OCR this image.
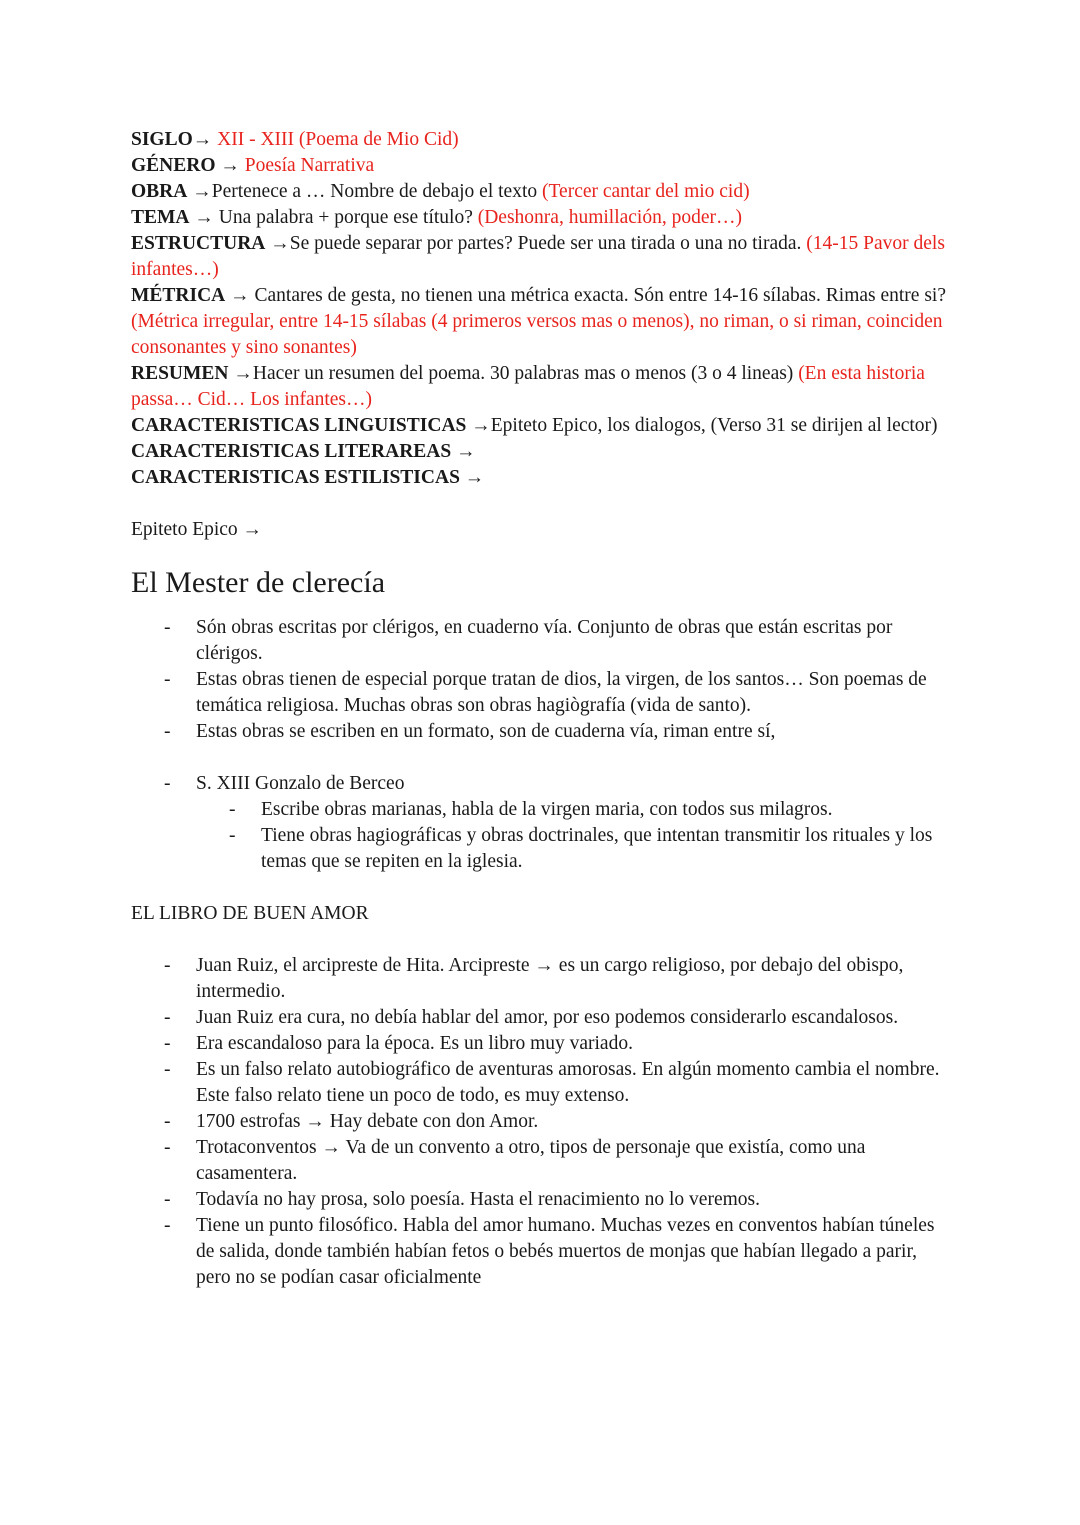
SIGLO→ XII - XIII (Poema de Mio Cid)

GÉNERO → Poesía Narrativa

OBRA →Pertenece a … Nombre de debajo el texto (Tercer cantar del mio cid)

TEMA → Una palabra + porque ese título? (Deshonra, humillación, poder…)

ESTRUCTURA →Se puede separar por partes? Puede ser una tirada o una no tirada. (14-15 Pavor dels infantes…)

MÉTRICA → Cantares de gesta, no tienen una métrica exacta. Són entre 14-16 sílabas. Rimas entre si? (Métrica irregular, entre 14-15 sílabas (4 primeros versos mas o menos), no riman, o si riman, coinciden consonantes y sino sonantes)

RESUMEN →Hacer un resumen del poema. 30 palabras mas o menos (3 o 4 lineas) (En esta historia passa… Cid… Los infantes…)

CARACTERISTICAS LINGUISTICAS →Epiteto Epico, los dialogos, (Verso 31 se dirijen al lector)

CARACTERISTICAS LITERAREAS →

CARACTERISTICAS ESTILISTICAS →

Epiteto Epico →

El Mester de clerecía
- Són obras escritas por clérigos, en cuaderno vía. Conjunto de obras que están escritas por clérigos.
- Estas obras tienen de especial porque tratan de dios, la virgen, de los santos… Son poemas de temática religiosa. Muchas obras son obras hagiògrafía (vida de santo).
- Estas obras se escriben en un formato, son de cuaderna vía, riman entre sí,
- S. XIII Gonzalo de Berceo
- Escribe obras marianas, habla de la virgen maria, con todos sus milagros.
- Tiene obras hagiográficas y obras doctrinales, que intentan transmitir los rituales y los temas que se repiten en la iglesia.

EL LIBRO DE BUEN AMOR

- Juan Ruiz, el arcipreste de Hita. Arcipreste → es un cargo religioso, por debajo del obispo, intermedio.
- Juan Ruiz era cura, no debía hablar del amor, por eso podemos considerarlo escandalosos.
- Era escandaloso para la época. Es un libro muy variado.
- Es un falso relato autobiográfico de aventuras amorosas. En algún momento cambia el nombre. Este falso relato tiene un poco de todo, es muy extenso.
- 1700 estrofas → Hay debate con don Amor.
- Trotaconventos → Va de un convento a otro, tipos de personaje que existía, como una casamentera.
- Todavía no hay prosa, solo poesía. Hasta el renacimiento no lo veremos.
- Tiene un punto filosófico. Habla del amor humano. Muchas vezes en conventos habían túneles de salida, donde también habían fetos o bebés muertos de monjas que habían llegado a parir, pero no se podían casar oficialmente
